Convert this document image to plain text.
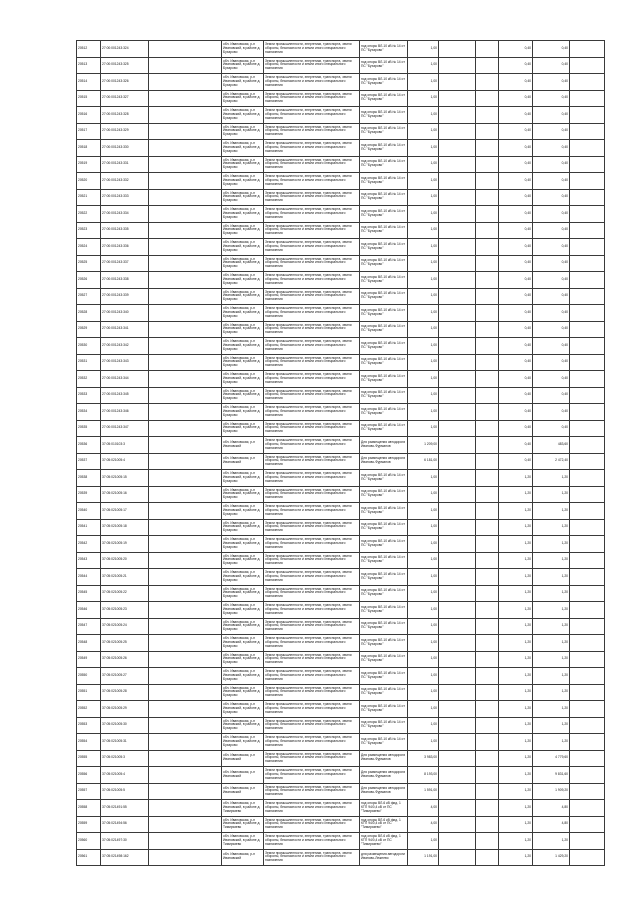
20512	27:00:001243:324		обл. Ивановская, р-н Ивановский, в районе д. Бухарово	Земли промышленности, энергетики, транспорта, земли обороны, безопасности и земли иного специального назначения	под опоры ВЛ-10 кВ № 14 от ПС "Бухарово"	1,00			0,40	0,40	
20513	27:00:001243:325		обл. Ивановская, р-н Ивановский, в районе д. Бухарово	Земли промышленности, энергетики, транспорта, земли обороны, безопасности и земли иного специального назначения	под опоры ВЛ-10 кВ № 14 от ПС "Бухарово"	1,00			0,40	0,40	
20514	27:00:001243:326		обл. Ивановская, р-н Ивановский, в районе д. Бухарово	Земли промышленности, энергетики, транспорта, земли обороны, безопасности и земли иного специального назначения	под опоры ВЛ-10 кВ № 14 от ПС "Бухарово"	1,00			0,40	0,40	
20515	27:00:001243:327		обл. Ивановская, р-н Ивановский, в районе д. Бухарово	Земли промышленности, энергетики, транспорта, земли обороны, безопасности и земли иного специального назначения	под опоры ВЛ-10 кВ № 14 от ПС "Бухарово"	1,00			0,40	0,40	
20516	27:00:001243:328		обл. Ивановская, р-н Ивановский, в районе д. Бухарово	Земли промышленности, энергетики, транспорта, земли обороны, безопасности и земли иного специального назначения	под опоры ВЛ-10 кВ № 14 от ПС "Бухарово"	1,00			0,40	0,40	
20517	27:00:001243:329		обл. Ивановская, р-н Ивановский, в районе д. Бухарово	Земли промышленности, энергетики, транспорта, земли обороны, безопасности и земли иного специального назначения	под опоры ВЛ-10 кВ № 14 от ПС "Бухарово"	1,00			0,40	0,40	
20518	27:00:001243:330		обл. Ивановская, р-н Ивановский, в районе д. Бухарово	Земли промышленности, энергетики, транспорта, земли обороны, безопасности и земли иного специального назначения	под опоры ВЛ-10 кВ № 14 от ПС "Бухарово"	1,00			0,40	0,40	
20519	27:00:001243:331		обл. Ивановская, р-н Ивановский, в районе д. Бухарово	Земли промышленности, энергетики, транспорта, земли обороны, безопасности и земли иного специального назначения	под опоры ВЛ-10 кВ № 14 от ПС "Бухарово"	1,00			0,40	0,40	
20520	27:00:001243:332		обл. Ивановская, р-н Ивановский, в районе д. Бухарово	Земли промышленности, энергетики, транспорта, земли обороны, безопасности и земли иного специального назначения	под опоры ВЛ-10 кВ № 14 от ПС "Бухарово"	1,00			0,40	0,40	
20521	27:00:001243:333		обл. Ивановская, р-н Ивановский, в районе д. Бухарово	Земли промышленности, энергетики, транспорта, земли обороны, безопасности и земли иного специального назначения	под опоры ВЛ-10 кВ № 14 от ПС "Бухарово"	1,00			0,40	0,40	
20522	27:00:001243:334		обл. Ивановская, р-н Ивановский, в районе д. Бухарово	Земли промышленности, энергетики, транспорта, земли обороны, безопасности и земли иного специального назначения	под опоры ВЛ-10 кВ № 14 от ПС "Бухарово"	1,00			0,40	0,40	
20523	27:00:001243:335		обл. Ивановская, р-н Ивановский, в районе д. Бухарово	Земли промышленности, энергетики, транспорта, земли обороны, безопасности и земли иного специального назначения	под опоры ВЛ-10 кВ № 14 от ПС "Бухарово"	1,00			0,40	0,40	
20524	27:00:001243:336		обл. Ивановская, р-н Ивановский, в районе д. Бухарово	Земли промышленности, энергетики, транспорта, земли обороны, безопасности и земли иного специального назначения	под опоры ВЛ-10 кВ № 14 от ПС "Бухарово"	1,00			0,40	0,40	
20525	27:00:001243:337		обл. Ивановская, р-н Ивановский, в районе д. Бухарово	Земли промышленности, энергетики, транспорта, земли обороны, безопасности и земли иного специального назначения	под опоры ВЛ-10 кВ № 14 от ПС "Бухарово"	1,00			0,40	0,40	
20526	27:00:001243:338		обл. Ивановская, р-н Ивановский, в районе д. Бухарово	Земли промышленности, энергетики, транспорта, земли обороны, безопасности и земли иного специального назначения	под опоры ВЛ-10 кВ № 14 от ПС "Бухарово"	1,00			0,40	0,40	
20527	27:00:001243:339		обл. Ивановская, р-н Ивановский, в районе д. Бухарово	Земли промышленности, энергетики, транспорта, земли обороны, безопасности и земли иного специального назначения	под опоры ВЛ-10 кВ № 14 от ПС "Бухарово"	1,00			0,40	0,40	
20528	27:00:001243:340		обл. Ивановская, р-н Ивановский, в районе д. Бухарово	Земли промышленности, энергетики, транспорта, земли обороны, безопасности и земли иного специального назначения	под опоры ВЛ-10 кВ № 14 от ПС "Бухарово"	1,00			0,40	0,40	
20529	27:00:001243:341		обл. Ивановская, р-н Ивановский, в районе д. Бухарово	Земли промышленности, энергетики, транспорта, земли обороны, безопасности и земли иного специального назначения	под опоры ВЛ-10 кВ № 14 от ПС "Бухарово"	1,00			0,40	0,40	
20530	27:00:001243:342		обл. Ивановская, р-н Ивановский, в районе д. Бухарово	Земли промышленности, энергетики, транспорта, земли обороны, безопасности и земли иного специального назначения	под опоры ВЛ-10 кВ № 14 от ПС "Бухарово"	1,00			0,40	0,40	
20531	27:00:001243:343		обл. Ивановская, р-н Ивановский, в районе д. Бухарово	Земли промышленности, энергетики, транспорта, земли обороны, безопасности и земли иного специального назначения	под опоры ВЛ-10 кВ № 14 от ПС "Бухарово"	1,00			0,40	0,40	
20532	27:00:001243:344		обл. Ивановская, р-н Ивановский, в районе д. Бухарово	Земли промышленности, энергетики, транспорта, земли обороны, безопасности и земли иного специального назначения	под опоры ВЛ-10 кВ № 14 от ПС "Бухарово"	1,00			0,40	0,40	
20533	27:00:001243:345		обл. Ивановская, р-н Ивановский, в районе д. Бухарово	Земли промышленности, энергетики, транспорта, земли обороны, безопасности и земли иного специального назначения	под опоры ВЛ-10 кВ № 14 от ПС "Бухарово"	1,00			0,40	0,40	
20534	27:00:001243:346		обл. Ивановская, р-н Ивановский, в районе д. Бухарово	Земли промышленности, энергетики, транспорта, земли обороны, безопасности и земли иного специального назначения	под опоры ВЛ-10 кВ № 14 от ПС "Бухарово"	1,00			0,40	0,40	
20535	27:00:001243:347		обл. Ивановская, р-н Ивановский, в районе д. Бухарово	Земли промышленности, энергетики, транспорта, земли обороны, безопасности и земли иного специального назначения	под опоры ВЛ-10 кВ № 14 от ПС "Бухарово"	1,00			0,40	0,40	
20536	37:05:010103:3		обл. Ивановская, р-н Ивановский	Земли промышленности, энергетики, транспорта, земли обороны, безопасности и земли иного специального назначения	Для размещения автодороги Иваново-Фурманов	1 209,00			0,40	483,60	
20537	37:05:021005:4		обл. Ивановская, р-н Ивановский	Земли промышленности, энергетики, транспорта, земли обороны, безопасности и земли иного специального назначения	Для размещения автодороги Иваново-Фурманов	6 181,00			0,40	2 472,40	
20538	37:05:021005:15		обл. Ивановская, р-н Ивановский, в районе д. Бухарово	Земли промышленности, энергетики, транспорта, земли обороны, безопасности и земли иного специального назначения	под опоры ВЛ-10 кВ № 14 от ПС "Бухарово"	1,00			1,20	1,20	
20539	37:05:021005:16		обл. Ивановская, р-н Ивановский, в районе д. Бухарово	Земли промышленности, энергетики, транспорта, земли обороны, безопасности и земли иного специального назначения	под опоры ВЛ-10 кВ № 14 от ПС "Бухарово"	1,00			1,20	1,20	
20540	37:05:021005:17		обл. Ивановская, р-н Ивановский, в районе д. Бухарово	Земли промышленности, энергетики, транспорта, земли обороны, безопасности и земли иного специального назначения	под опоры ВЛ-10 кВ № 14 от ПС "Бухарово"	1,00			1,20	1,20	
20541	37:05:021005:18		обл. Ивановская, р-н Ивановский, в районе д. Бухарово	Земли промышленности, энергетики, транспорта, земли обороны, безопасности и земли иного специального назначения	под опоры ВЛ-10 кВ № 14 от ПС "Бухарово"	1,00			1,20	1,20	
20542	37:05:021005:19		обл. Ивановская, р-н Ивановский, в районе д. Бухарово	Земли промышленности, энергетики, транспорта, земли обороны, безопасности и земли иного специального назначения	под опоры ВЛ-10 кВ № 14 от ПС "Бухарово"	1,00			1,20	1,20	
20543	37:05:021005:20		обл. Ивановская, р-н Ивановский, в районе д. Бухарово	Земли промышленности, энергетики, транспорта, земли обороны, безопасности и земли иного специального назначения	под опоры ВЛ-10 кВ № 14 от ПС "Бухарово"	1,00			1,20	1,20	
20544	37:05:021005:21		обл. Ивановская, р-н Ивановский, в районе д. Бухарово	Земли промышленности, энергетики, транспорта, земли обороны, безопасности и земли иного специального назначения	под опоры ВЛ-10 кВ № 14 от ПС "Бухарово"	1,00			1,20	1,20	
20545	37:05:021005:22		обл. Ивановская, р-н Ивановский, в районе д. Бухарово	Земли промышленности, энергетики, транспорта, земли обороны, безопасности и земли иного специального назначения	под опоры ВЛ-10 кВ № 14 от ПС "Бухарово"	1,00			1,20	1,20	
20546	37:05:021005:23		обл. Ивановская, р-н Ивановский, в районе д. Бухарово	Земли промышленности, энергетики, транспорта, земли обороны, безопасности и земли иного специального назначения	под опоры ВЛ-10 кВ № 14 от ПС "Бухарово"	1,00			1,20	1,20	
20547	37:05:021005:24		обл. Ивановская, р-н Ивановский, в районе д. Бухарово	Земли промышленности, энергетики, транспорта, земли обороны, безопасности и земли иного специального назначения	под опоры ВЛ-10 кВ № 14 от ПС "Бухарово"	1,00			1,20	1,20	
20548	37:05:021005:25		обл. Ивановская, р-н Ивановский, в районе д. Бухарово	Земли промышленности, энергетики, транспорта, земли обороны, безопасности и земли иного специального назначения	под опоры ВЛ-10 кВ № 14 от ПС "Бухарово"	1,00			1,20	1,20	
20549	37:05:021005:26		обл. Ивановская, р-н Ивановский, в районе д. Бухарово	Земли промышленности, энергетики, транспорта, земли обороны, безопасности и земли иного специального назначения	под опоры ВЛ-10 кВ № 14 от ПС "Бухарово"	1,00			1,20	1,20	
20550	37:05:021005:27		обл. Ивановская, р-н Ивановский, в районе д. Бухарово	Земли промышленности, энергетики, транспорта, земли обороны, безопасности и земли иного специального назначения	под опоры ВЛ-10 кВ № 14 от ПС "Бухарово"	1,00			1,20	1,20	
20551	37:05:021005:28		обл. Ивановская, р-н Ивановский, в районе д. Бухарово	Земли промышленности, энергетики, транспорта, земли обороны, безопасности и земли иного специального назначения	под опоры ВЛ-10 кВ № 14 от ПС "Бухарово"	1,00			1,20	1,20	
20552	37:05:021005:29		обл. Ивановская, р-н Ивановский, в районе д. Бухарово	Земли промышленности, энергетики, транспорта, земли обороны, безопасности и земли иного специального назначения	под опоры ВЛ-10 кВ № 14 от ПС "Бухарово"	1,00			1,20	1,20	
20553	37:05:021005:30		обл. Ивановская, р-н Ивановский, в районе д. Бухарово	Земли промышленности, энергетики, транспорта, земли обороны, безопасности и земли иного специального назначения	под опоры ВЛ-10 кВ № 14 от ПС "Бухарово"	1,00			1,20	1,20	
20554	37:05:021005:31		обл. Ивановская, р-н Ивановский, в районе д. Бухарово	Земли промышленности, энергетики, транспорта, земли обороны, безопасности и земли иного специального назначения	под опоры ВЛ-10 кВ № 14 от ПС "Бухарово"	1,00			1,20	1,20	
20555	37:05:021005:3		обл. Ивановская, р-н Ивановский	Земли промышленности, энергетики, транспорта, земли обороны, безопасности и земли иного специального назначения	Для размещения автодороги Иваново-Фурманов	3 983,00			1,20	4 779,60	
20556	37:05:021005:4		обл. Ивановская, р-н Ивановский	Земли промышленности, энергетики, транспорта, земли обороны, безопасности и земли иного специального назначения	Для размещения автодороги Иваново-Фурманов	8 193,00			1,20	9 831,60	
20557	37:05:021005:5		обл. Ивановская, р-н Ивановский	Земли промышленности, энергетики, транспорта, земли обороны, безопасности и земли иного специального назначения	Для размещения автодороги Иваново-Фурманов	1 591,00			1,20	1 909,20	
20558	37:05:021491:55		обл. Ивановская, р-н Ивановский, в районе д. Тимирязево	Земли промышленности, энергетики, транспорта, земли обороны, безопасности и земли иного специального назначения	под опоры ВЛ-6 кВ фид. 1 КТП 94/0,4 кВ от ПС "Тимирязево"	4,00			1,20	4,80	
20559	37:05:021494:56		обл. Ивановская, р-н Ивановский, в районе д. Тимирязево	Земли промышленности, энергетики, транспорта, земли обороны, безопасности и земли иного специального назначения	под опоры ВЛ-6 кВ фид. 1 КТП 94/0,4 кВ от ПС "Тимирязево"	4,00			1,20	4,80	
20560	37:05:021497:30		обл. Ивановская, р-н Ивановский, в районе д. Тимирязево	Земли промышленности, энергетики, транспорта, земли обороны, безопасности и земли иного специального назначения	под опоры ВЛ-6 кВ фид. 1 КТП 94/0,4 кВ от ПС "Тимирязево"	1,00			1,20	1,20	
20561	37:05:021498:162		обл. Ивановская, р-н Ивановский	Земли промышленности, энергетики, транспорта, земли обороны, безопасности и земли иного специального назначения	для размещения автодороги Иваново-Лежнево	1 191,00			1,20	1 429,20	
